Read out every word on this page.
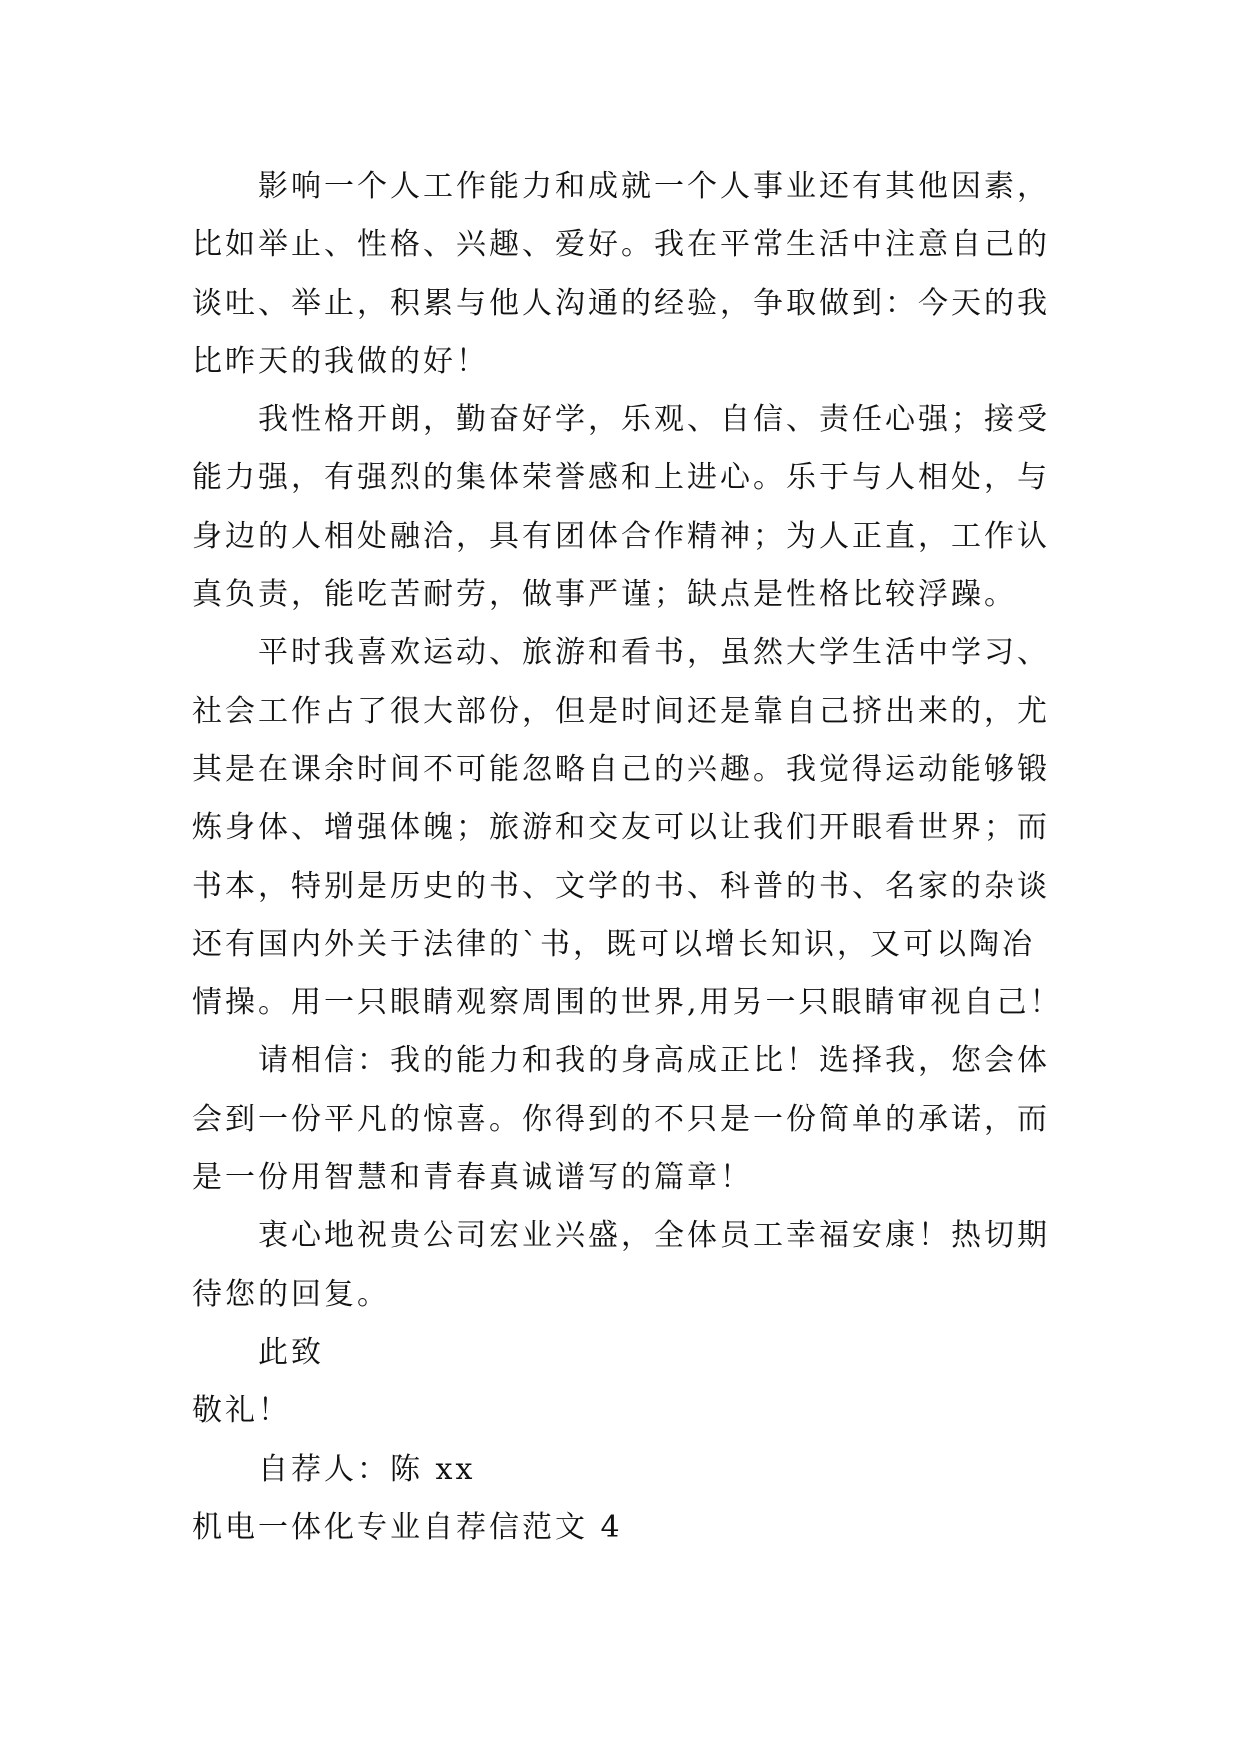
影响一个人工作能力和成就一个人事业还有其他因素，
比如举止、性格、兴趣、爱好。我在平常生活中注意自己的
谈吐、举止，积累与他人沟通的经验，争取做到：今天的我
比昨天的我做的好！
我性格开朗，勤奋好学，乐观、自信、责任心强；接受
能力强，有强烈的集体荣誉感和上进心。乐于与人相处，与
身边的人相处融洽，具有团体合作精神；为人正直，工作认
真负责，能吃苦耐劳，做事严谨；缺点是性格比较浮躁。
平时我喜欢运动、旅游和看书，虽然大学生活中学习、
社会工作占了很大部份，但是时间还是靠自己挤出来的，尤
其是在课余时间不可能忽略自己的兴趣。我觉得运动能够锻
炼身体、增强体魄；旅游和交友可以让我们开眼看世界；而
书本，特别是历史的书、文学的书、科普的书、名家的杂谈
还有国内外关于法律的`书，既可以增长知识，又可以陶冶
情操。用一只眼睛观察周围的世界,用另一只眼睛审视自己！
请相信：我的能力和我的身高成正比！选择我，您会体
会到一份平凡的惊喜。你得到的不只是一份简单的承诺，而
是一份用智慧和青春真诚谱写的篇章！
衷心地祝贵公司宏业兴盛，全体员工幸福安康！热切期
待您的回复。
此致
敬礼！
自荐人：陈 xx
机电一体化专业自荐信范文 4
